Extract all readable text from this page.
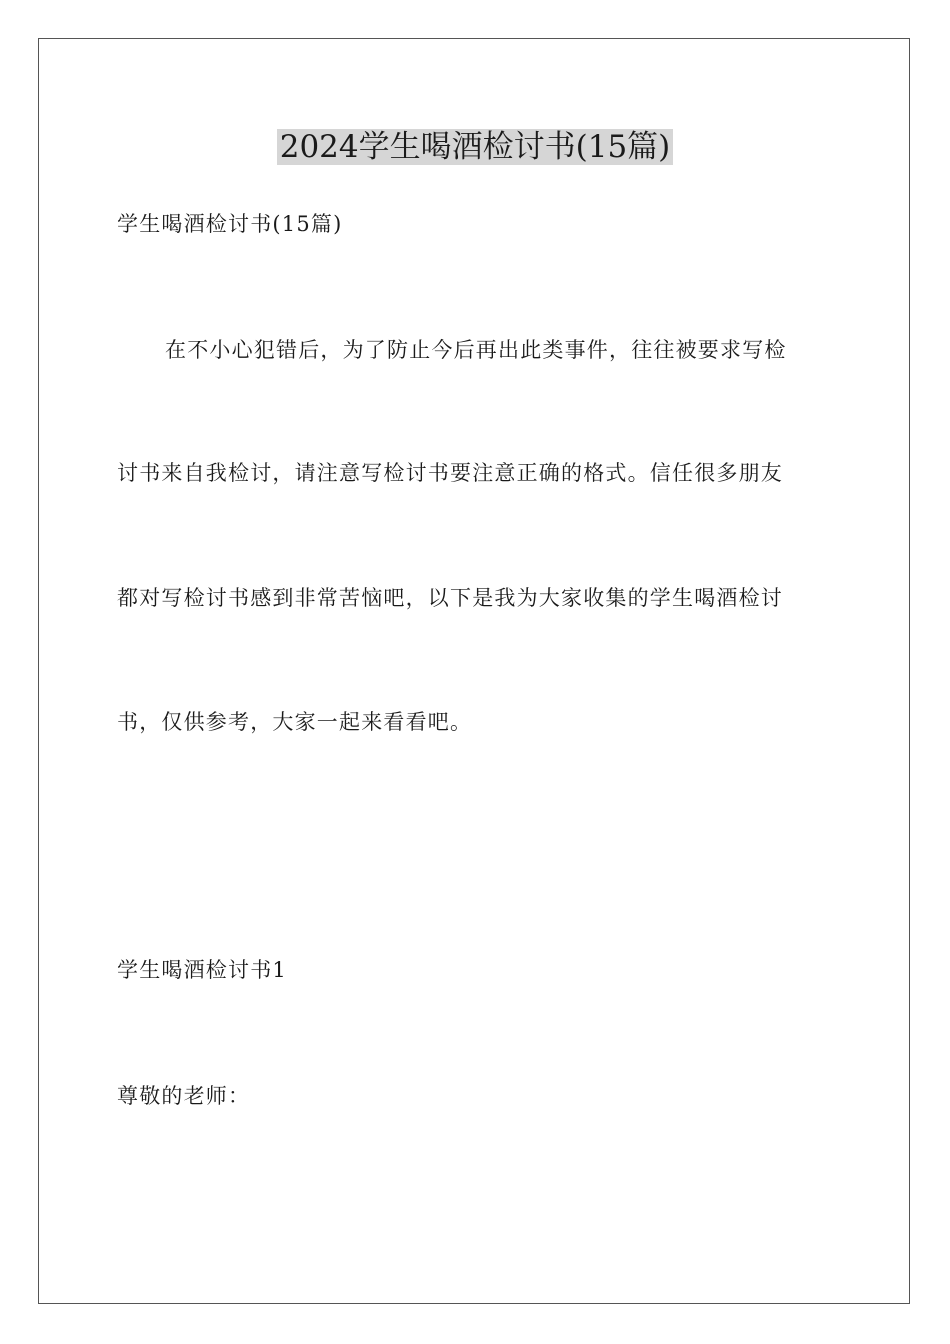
2024学生喝酒检讨书(15篇)
学生喝酒检讨书(15篇)
在不小心犯错后，为了防止今后再出此类事件，往往被要求写检
讨书来自我检讨，请注意写检讨书要注意正确的格式。信任很多朋友
都对写检讨书感到非常苦恼吧，以下是我为大家收集的学生喝酒检讨
书，仅供参考，大家一起来看看吧。
学生喝酒检讨书1
尊敬的老师：
